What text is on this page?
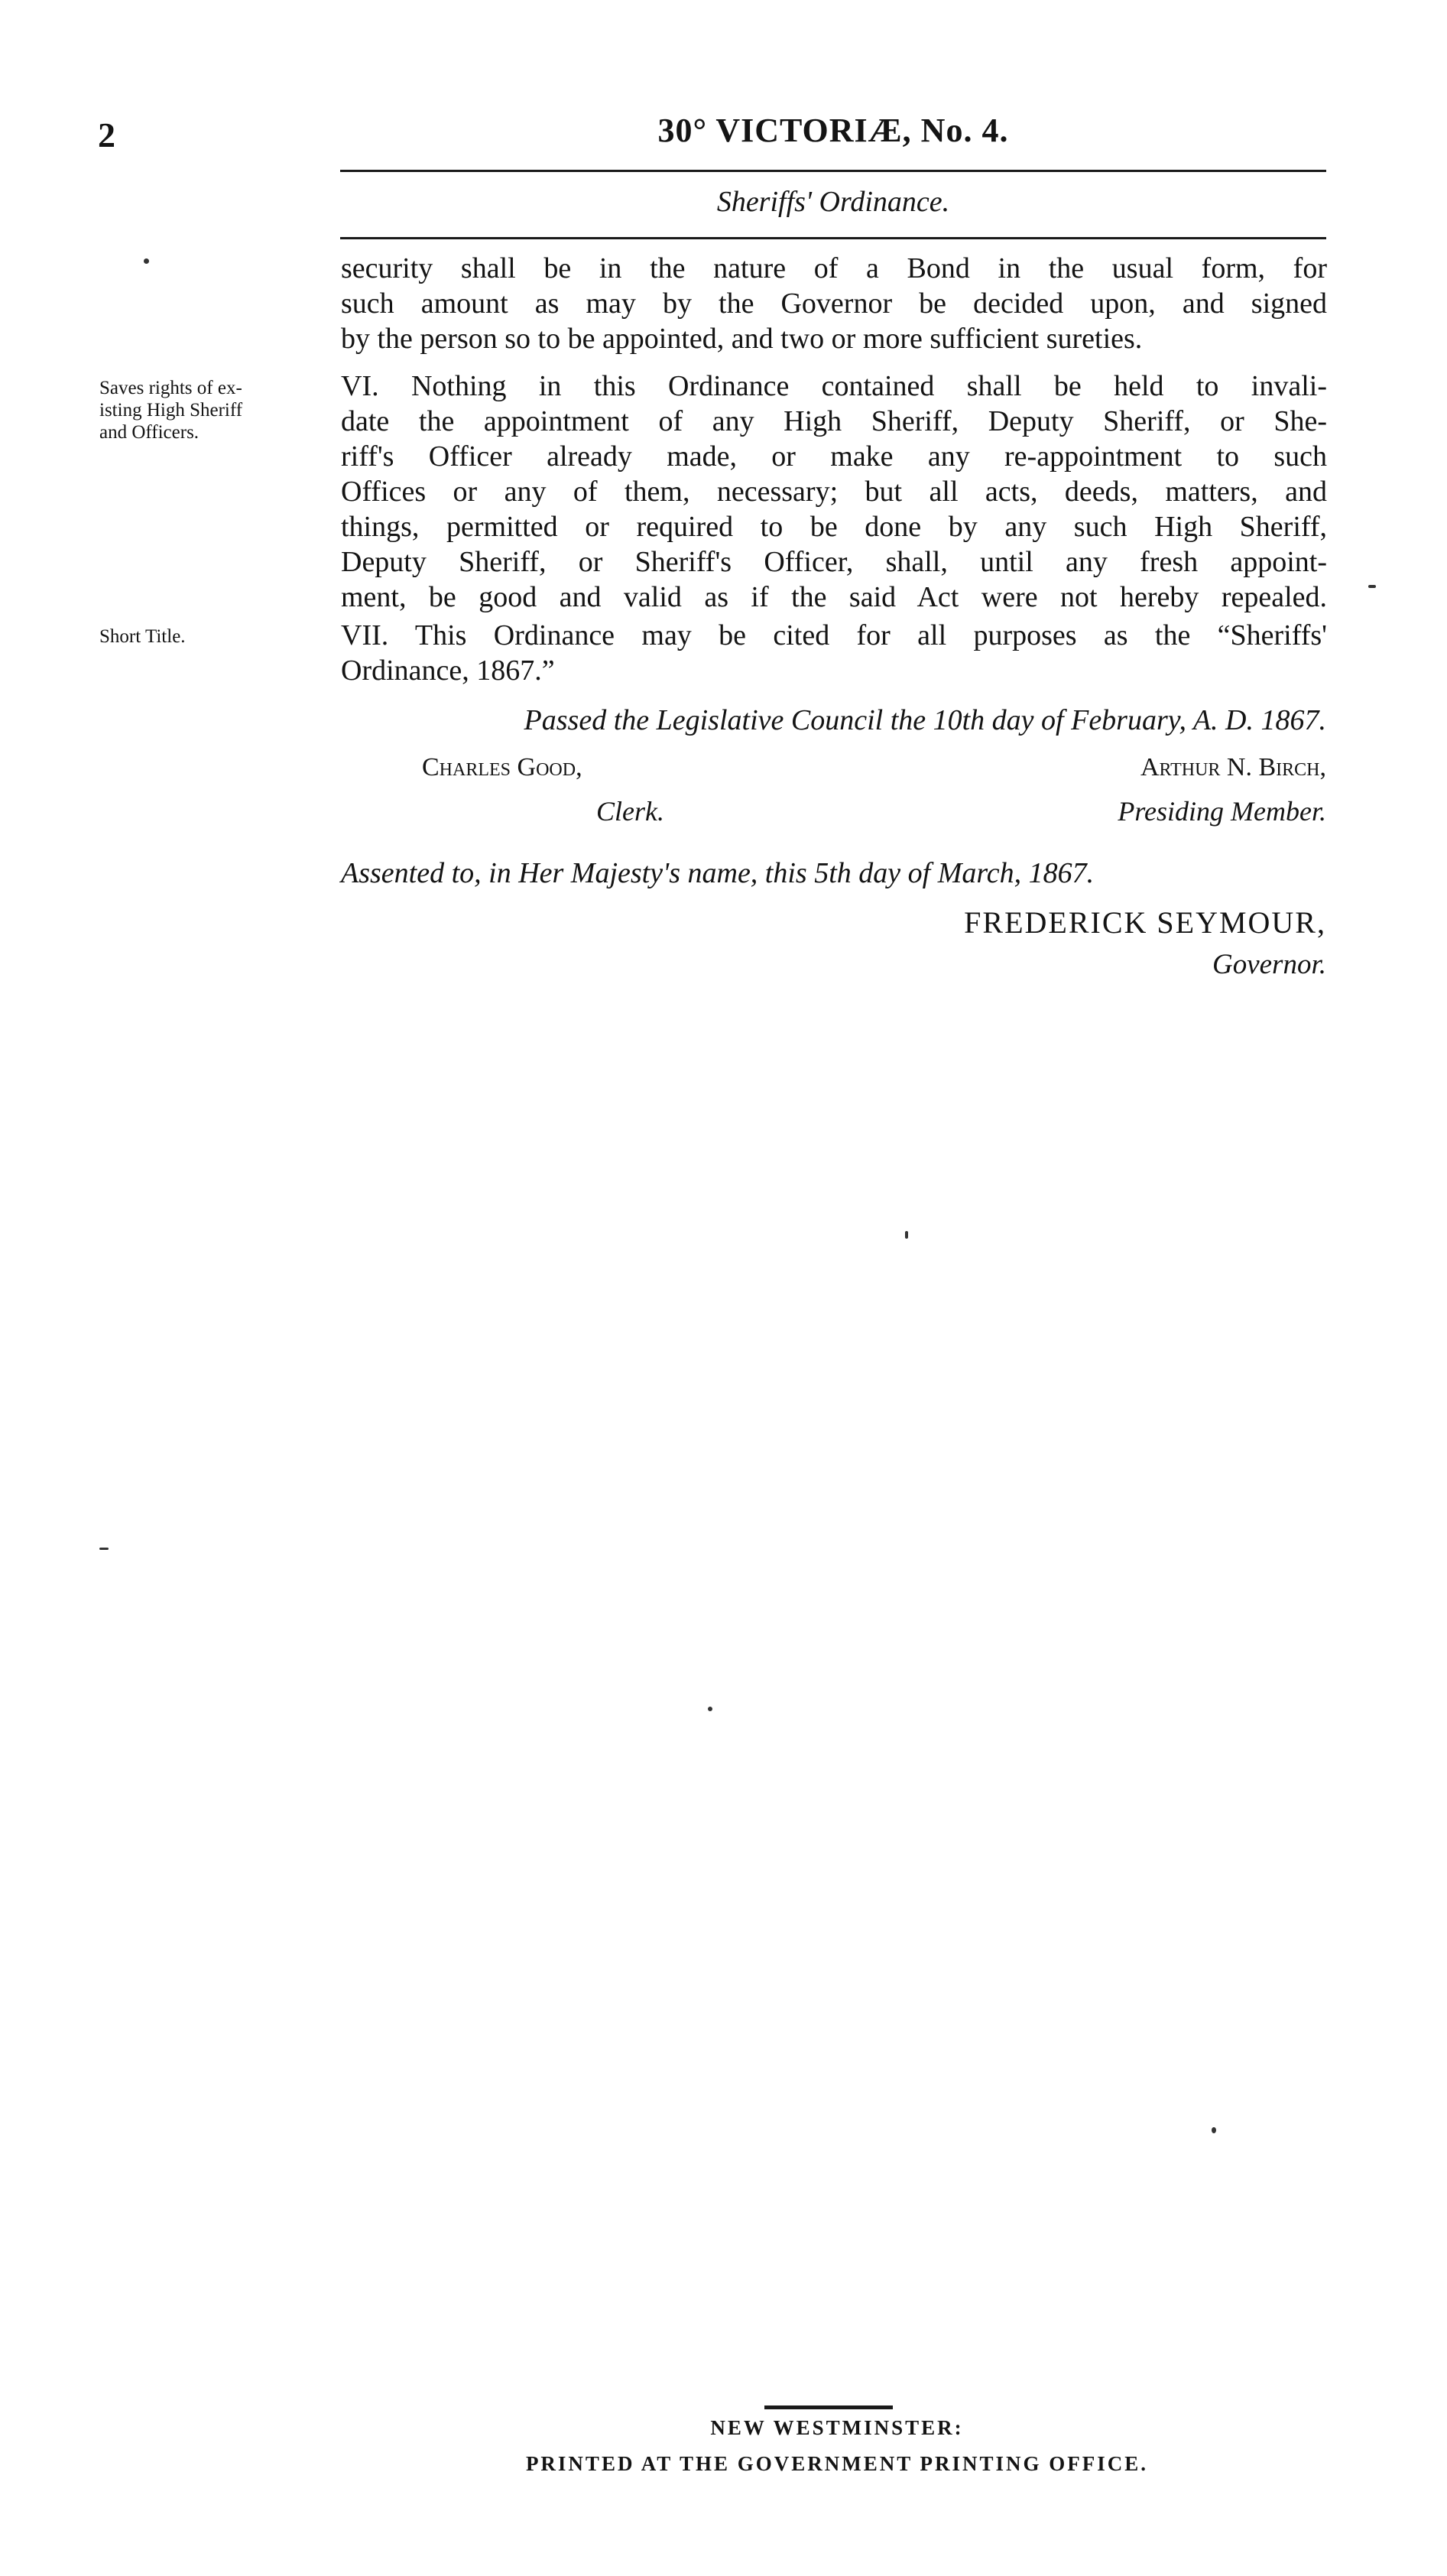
2	30° VICTORIÆ, No. 4.
Sheriffs' Ordinance.
security shall be in the nature of a Bond in the usual form, for
such amount as may by the Governor be decided upon, and signed
by the person so to be appointed, and two or more sufficient sureties.
Saves rights of ex-
isting High Sheriff
and Officers.
VI. Nothing in this Ordinance contained shall be held to invali-
date the appointment of any High Sheriff, Deputy Sheriff, or She-
riff's Officer already made, or make any re-appointment to such
Offices or any of them, necessary; but all acts, deeds, matters, and
things, permitted or required to be done by any such High Sheriff,
Deputy Sheriff, or Sheriff's Officer, shall, until any fresh appoint-
ment, be good and valid as if the said Act were not hereby repealed.
Short Title.	VII. This Ordinance may be cited for all purposes as the “Sheriffs'
Ordinance, 1867.”
Passed the Legislative Council the 10th day of February, A. D. 1867.
Charles Good,	Arthur N. Birch,
Clerk.	Presiding Member.
Assented to, in Her Majesty's name, this 5th day of March, 1867.
FREDERICK SEYMOUR,
Governor.
NEW WESTMINSTER:
PRINTED AT THE GOVERNMENT PRINTING OFFICE.
